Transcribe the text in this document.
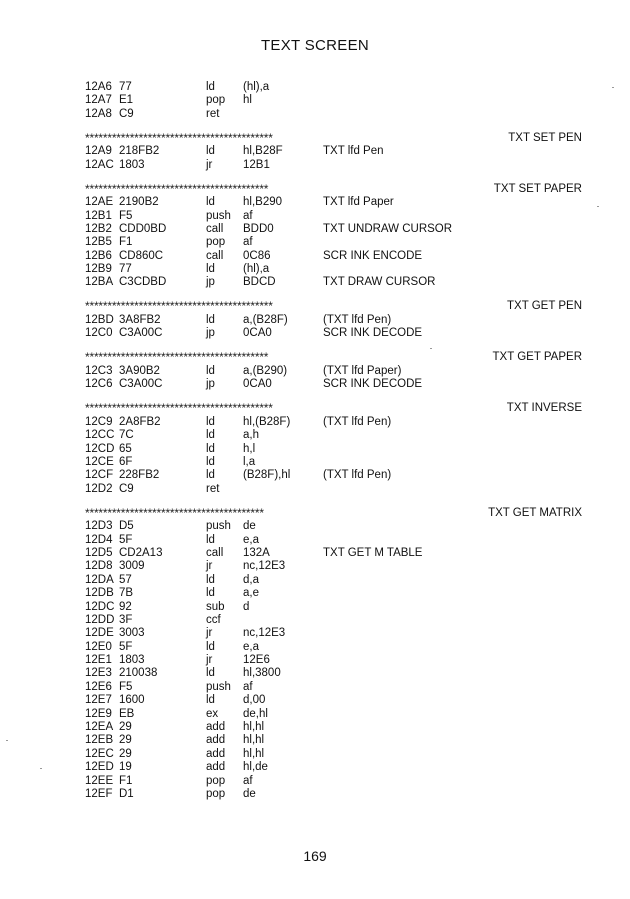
TEXT SCREEN
12A6 77	ld (hl),a
12A7 E1	pop hl
12A8 C9	ret
******************************************	TXT SET PEN
12A9 218FB2	ld hl,B28F	TXT lfd Pen
12AC 1803	jr	12B1
*****************************************	TXT SET PAPER
12AE 2190B2	ld hl,B290	TXT lfd Paper
12B1 F5	push af
12B2 CDD0BD	call BDD0	TXT UNDRAW CURSOR
12B5 F1	pop af
12B6 CD860C	call 0C86	SCR INK ENCODE
12B9 77	ld (hl),a
12BA C3CDBD	jp BDCD	TXT DRAW CURSOR
******************************************	TXT GET PEN
12BD 3A8FB2	ld a,(B28F)	(TXT lfd Pen)
12C0 C3A00C	jp 0CA0	SCR INK DECODE
*****************************************	TXT GET PAPER
12C3 3A90B2	ld a,(B290)	(TXT lfd Paper)
12C6 C3A00C	jp 0CA0	SCR INK DECODE
******************************************	TXT INVERSE
12C9 2A8FB2	ld hl,(B28F)	(TXT lfd Pen)
12CC 7C	ld a,h
12CD 65	ld h,l
12CE 6F	ld l,a
12CF 228FB2	ld (B28F),hl	(TXT lfd Pen)
12D2 C9	ret
****************************************	TXT GET MATRIX
12D3 D5	push de
12D4 5F	ld e,a
12D5 CD2A13	call 132A	TXT GET M TABLE
12D8 3009	jr	nc,12E3
12DA 57	ld d,a
12DB 7B	ld a,e
12DC 92	sub d
12DD 3F	ccf
12DE 3003	jr	nc,12E3
12E0 5F	ld e,a
12E1 1803	jr	12E6
12E3 210038	ld hl,3800
12E6 F5	push af
12E7 1600	ld d,00
12E9 EB	ex de,hl
12EA 29	add hl,hl
12EB 29	add hl,hl
12EC 29	add hl,hl
12ED 19	add hl,de
12EE F1	pop af
12EF D1	pop de
169
